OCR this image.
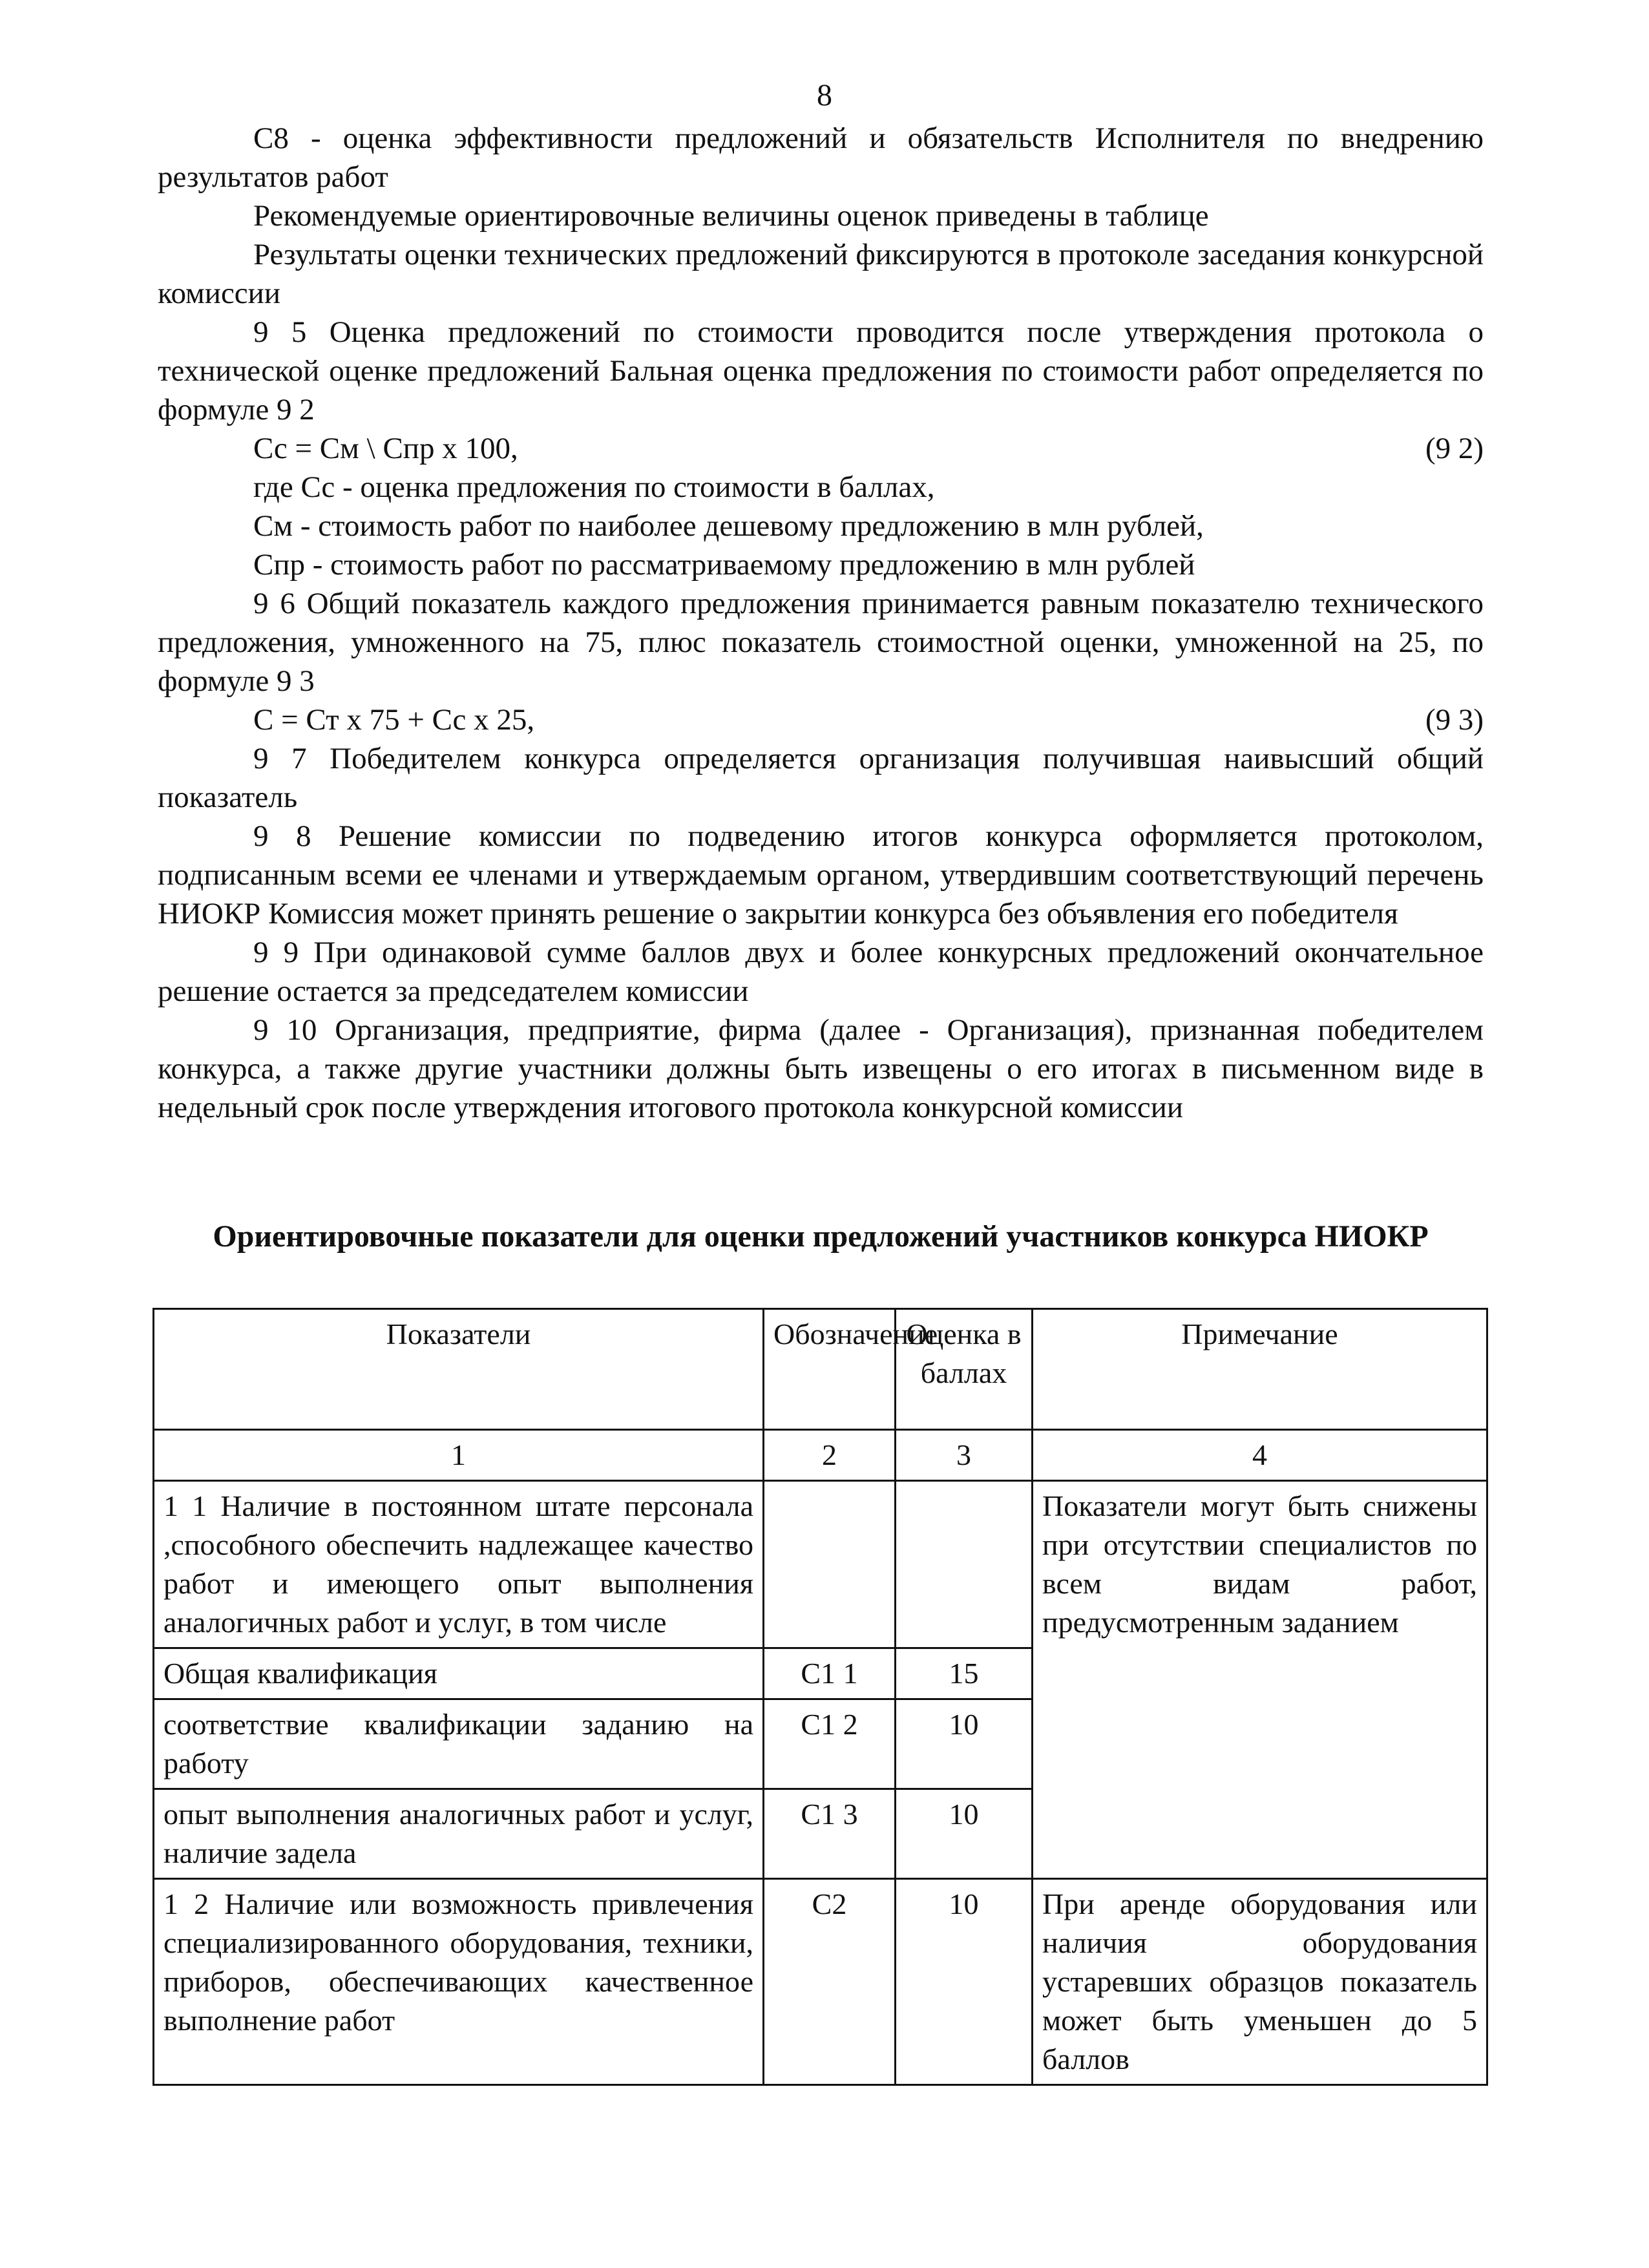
8

C8 - оценка эффективности предложений и обязательств Исполнителя по внедрению результатов работ

Рекомендуемые ориентировочные величины оценок приведены в таблице

Результаты оценки технических предложений фиксируются в протоколе заседания конкурсной комиссии

9 5 Оценка предложений по стоимости проводится после утверждения протокола о технической оценке предложений Бальная оценка предложения по стоимости работ определяется по формуле 9 2

Сс = См \ Спр х 100,	(9 2)

где Сс - оценка предложения по стоимости в баллах,

См - стоимость работ по наиболее дешевому предложению в млн рублей,

Спр - стоимость работ по рассматриваемому предложению в млн рублей

9 6 Общий показатель каждого предложения принимается равным показателю технического предложения, умноженного на 75, плюс показатель стоимостной оценки, умноженной на 25, по формуле 9 3

С = Ст х 75 + Сс х 25,	(9 3)

9 7 Победителем конкурса определяется организация получившая наивысший общий показатель

9 8 Решение комиссии по подведению итогов конкурса оформляется протоколом, подписанным всеми ее членами и утверждаемым органом, утвердившим соответствующий перечень НИОКР Комиссия может принять решение о закрытии конкурса без объявления его победителя

9 9 При одинаковой сумме баллов двух и более конкурсных предложений окончательное решение остается за председателем комиссии

9 10 Организация, предприятие, фирма (далее - Организация), признанная победителем конкурса, а также другие участники должны быть извещены о его итогах в письменном виде в недельный срок после утверждения итогового протокола конкурсной комиссии

Ориентировочные показатели для оценки предложений участников конкурса НИОКР
Показатели	Обозначение	Оценка в баллах	Примечание
1	2	3	4
1 1 Наличие в постоянном штате персонала ,способного обеспечить надлежащее качество работ и имеющего опыт выполнения аналогичных работ и услуг, в том числе			Показатели могут быть снижены при отсутствии специалистов по всем видам работ, предусмотренным заданием
Общая квалификация	С1 1	15	
соответствие квалификации заданию на работу	С1 2	10	
опыт выполнения аналогичных работ и услуг, наличие задела	С1 3	10	
1 2 Наличие или возможность привлечения специализированного оборудования, техники, приборов, обеспечивающих качественное выполнение работ	С2	10	При аренде оборудования или наличия оборудования устаревших образцов показатель может быть уменьшен до 5 баллов
